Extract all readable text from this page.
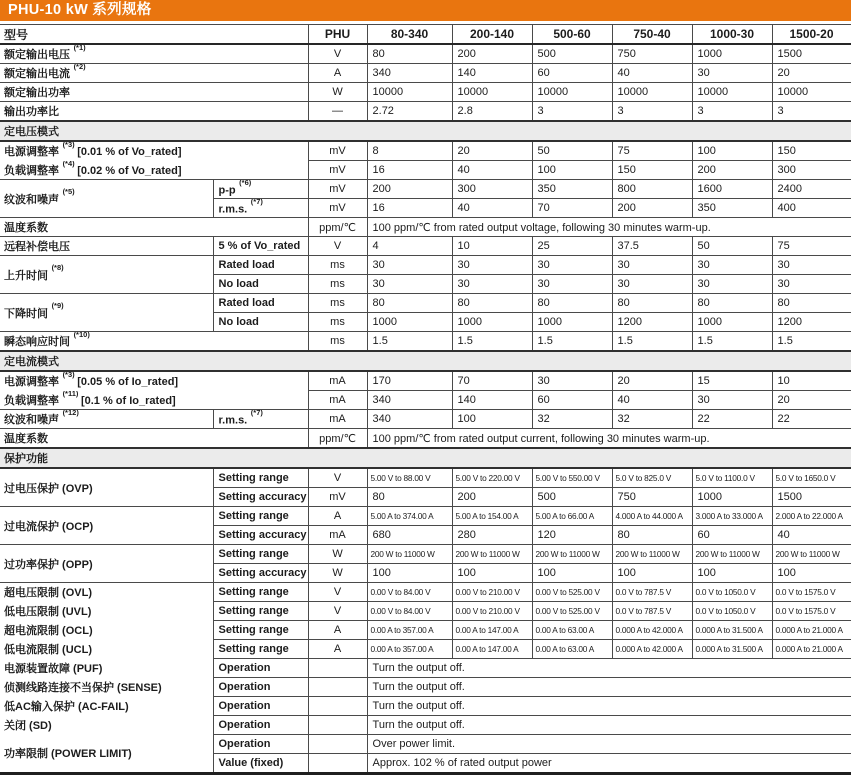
PHU-10 kW 系列规格
型号		PHU	80-340	200-140	500-60	750-40	1000-30	1500-20
额定输出电压 $^{(*1)}$		V	80	200	500	750	1000	1500
额定输出电流 $^{(*2)}$		A	340	140	60	40	30	20
额定输出功率		W	10000	10000	10000	10000	10000	10000
输出功率比		—	2.72	2.8	3	3	3	3
定电压模式								
电源调整率 $^{(*3)}$ [0.01 % of Vo_rated]		mV	8	20	50	75	100	150
负载调整率 $^{(*4)}$ [0.02 % of Vo_rated]		mV	16	40	100	150	200	300
纹波和噪声 $^{(*5)}$	p-p $^{(*6)}$	mV	200	300	350	800	1600	2400
	r.m.s. $^{(*7)}$	mV	16	40	70	200	350	400
温度系数		ppm/℃	100 ppm/℃ from rated output voltage, following 30 minutes warm-up.					
远程补偿电压	5 % of Vo_rated	V	4	10	25	37.5	50	75
上升时间 $^{(*8)}$	Rated load	ms	30	30	30	30	30	30
	No load	ms	30	30	30	30	30	30
下降时间 $^{(*9)}$	Rated load	ms	80	80	80	80	80	80
	No load	ms	1000	1000	1000	1200	1000	1200
瞬态响应时间 $^{(*10)}$		ms	1.5	1.5	1.5	1.5	1.5	1.5
定电流模式								
电源调整率 $^{(*3)}$ [0.05 % of Io_rated]		mA	170	70	30	20	15	10
负载调整率 $^{(*11)}$ [0.1 % of Io_rated]		mA	340	140	60	40	30	20
纹波和噪声 $^{(*12)}$	r.m.s. $^{(*7)}$	mA	340	100	32	32	22	22
温度系数		ppm/℃	100 ppm/℃ from rated output current, following 30 minutes warm-up.					
保护功能								
过电压保护 (OVP)	Setting range	V	5.00 V to 88.00 V	5.00 V to 220.00 V	5.00 V to 550.00 V	5.0 V to 825.0 V	5.0 V to 1100.0 V	5.0 V to 1650.0 V
	Setting accuracy	mV	80	200	500	750	1000	1500
过电流保护 (OCP)	Setting range	A	5.00 A to 374.00 A	5.00 A to 154.00 A	5.00 A to 66.00 A	4.000 A to 44.000 A	3.000 A to 33.000 A	2.000 A to 22.000 A
	Setting accuracy	mA	680	280	120	80	60	40
过功率保护 (OPP)	Setting range	W	200 W to 11000 W	200 W to 11000 W	200 W to 11000 W	200 W to 11000 W	200 W to 11000 W	200 W to 11000 W
	Setting accuracy	W	100	100	100	100	100	100
超电压限制 (OVL)	Setting range	V	0.00 V to 84.00 V	0.00 V to 210.00 V	0.00 V to 525.00 V	0.0 V to 787.5 V	0.0 V to 1050.0 V	0.0 V to 1575.0 V
低电压限制 (UVL)	Setting range	V	0.00 V to 84.00 V	0.00 V to 210.00 V	0.00 V to 525.00 V	0.0 V to 787.5 V	0.0 V to 1050.0 V	0.0 V to 1575.0 V
超电流限制 (OCL)	Setting range	A	0.00 A to 357.00 A	0.00 A to 147.00 A	0.00 A to 63.00 A	0.000 A to 42.000 A	0.000 A to 31.500 A	0.000 A to 21.000 A
低电流限制 (UCL)	Setting range	A	0.00 A to 357.00 A	0.00 A to 147.00 A	0.00 A to 63.00 A	0.000 A to 42.000 A	0.000 A to 31.500 A	0.000 A to 21.000 A
电源装置故障 (PUF)	Operation		Turn the output off.					
侦测线路连接不当保护 (SENSE)	Operation		Turn the output off.					
低AC输入保护 (AC-FAIL)	Operation		Turn the output off.					
关闭 (SD)	Operation		Turn the output off.					
功率限制 (POWER LIMIT)	Operation		Over power limit.					
	Value (fixed)		Approx. 102 % of rated output power					
